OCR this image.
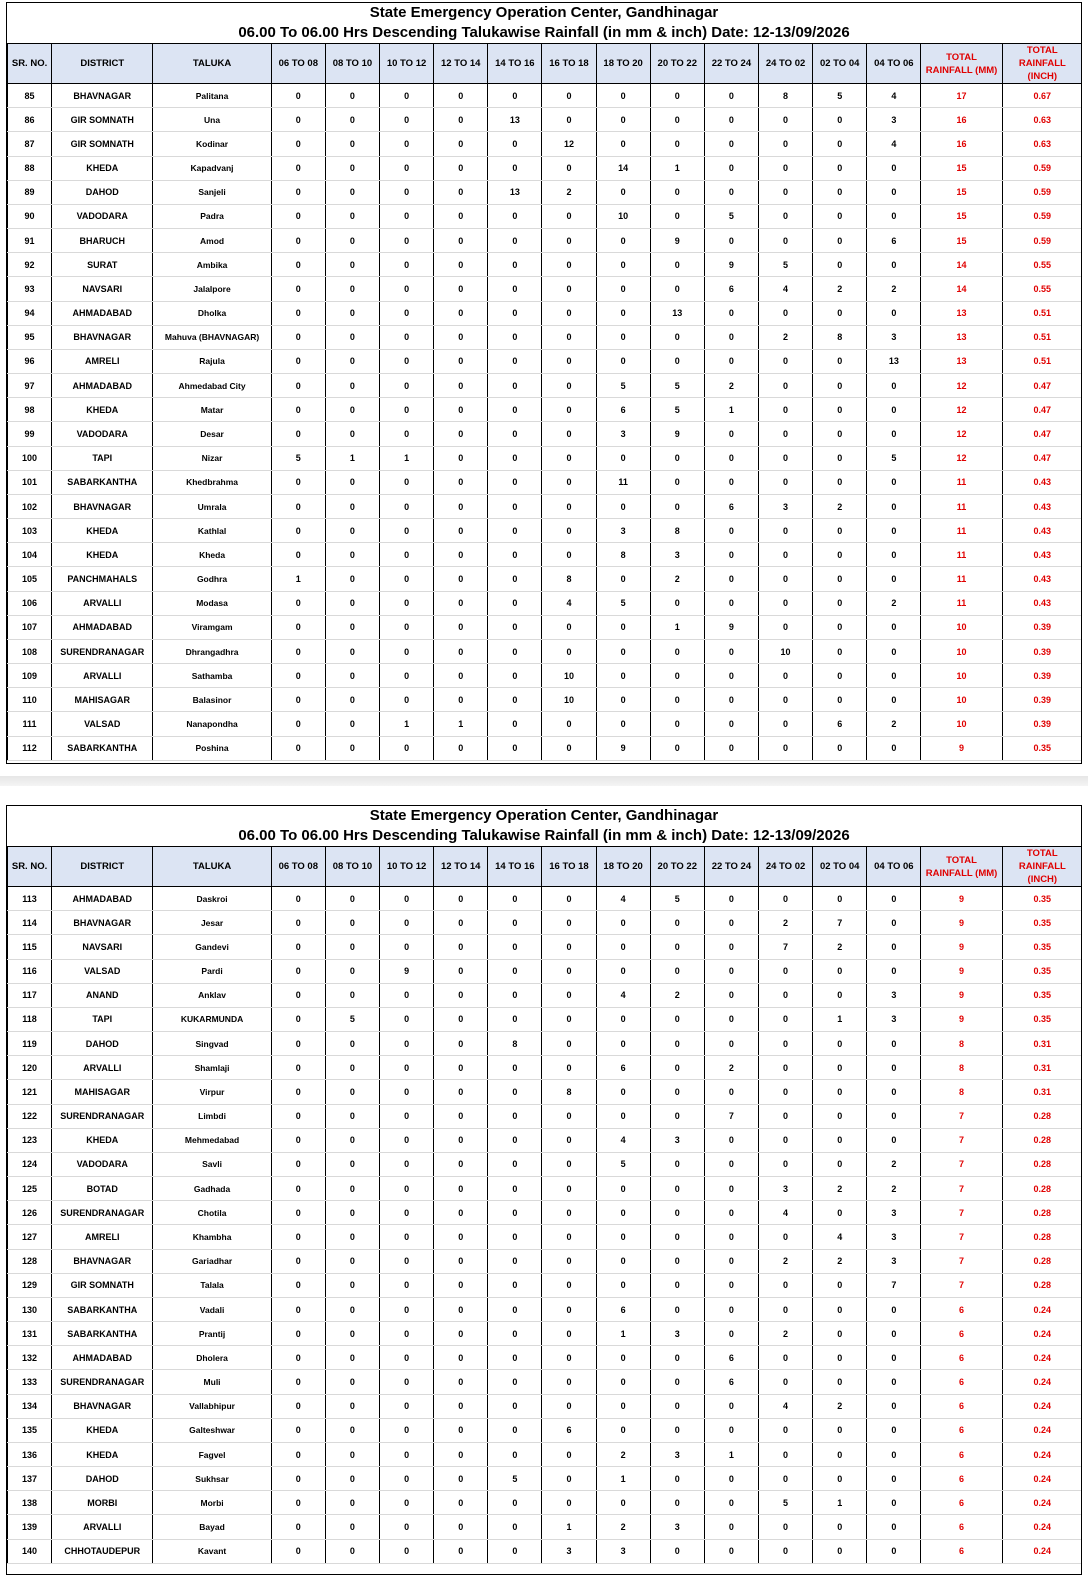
State Emergency Operation Center, Gandhinagar
06.00 To 06.00 Hrs Descending Talukawise Rainfall (in mm & inch) Date: 12-13/09/2026
SR. NO.	DISTRICT	TALUKA	06 TO 08	08 TO 10	10 TO 12	12 TO 14	14 TO 16	16 TO 18	18 TO 20	20 TO 22	22 TO 24	24 TO 02	02 TO 04	04 TO 06	TOTAL RAINFALL (MM)	TOTAL RAINFALL (INCH)
85	BHAVNAGAR	Palitana	0	0	0	0	0	0	0	0	0	8	5	4	17	0.67
86	GIR SOMNATH	Una	0	0	0	0	13	0	0	0	0	0	0	3	16	0.63
87	GIR SOMNATH	Kodinar	0	0	0	0	0	12	0	0	0	0	0	4	16	0.63
88	KHEDA	Kapadvanj	0	0	0	0	0	0	14	1	0	0	0	0	15	0.59
89	DAHOD	Sanjeli	0	0	0	0	13	2	0	0	0	0	0	0	15	0.59
90	VADODARA	Padra	0	0	0	0	0	0	10	0	5	0	0	0	15	0.59
91	BHARUCH	Amod	0	0	0	0	0	0	0	9	0	0	0	6	15	0.59
92	SURAT	Ambika	0	0	0	0	0	0	0	0	9	5	0	0	14	0.55
93	NAVSARI	Jalalpore	0	0	0	0	0	0	0	0	6	4	2	2	14	0.55
94	AHMADABAD	Dholka	0	0	0	0	0	0	0	13	0	0	0	0	13	0.51
95	BHAVNAGAR	Mahuva (BHAVNAGAR)	0	0	0	0	0	0	0	0	0	2	8	3	13	0.51
96	AMRELI	Rajula	0	0	0	0	0	0	0	0	0	0	0	13	13	0.51
97	AHMADABAD	Ahmedabad City	0	0	0	0	0	0	5	5	2	0	0	0	12	0.47
98	KHEDA	Matar	0	0	0	0	0	0	6	5	1	0	0	0	12	0.47
99	VADODARA	Desar	0	0	0	0	0	0	3	9	0	0	0	0	12	0.47
100	TAPI	Nizar	5	1	1	0	0	0	0	0	0	0	0	5	12	0.47
101	SABARKANTHA	Khedbrahma	0	0	0	0	0	0	11	0	0	0	0	0	11	0.43
102	BHAVNAGAR	Umrala	0	0	0	0	0	0	0	0	6	3	2	0	11	0.43
103	KHEDA	Kathlal	0	0	0	0	0	0	3	8	0	0	0	0	11	0.43
104	KHEDA	Kheda	0	0	0	0	0	0	8	3	0	0	0	0	11	0.43
105	PANCHMAHALS	Godhra	1	0	0	0	0	8	0	2	0	0	0	0	11	0.43
106	ARVALLI	Modasa	0	0	0	0	0	4	5	0	0	0	0	2	11	0.43
107	AHMADABAD	Viramgam	0	0	0	0	0	0	0	1	9	0	0	0	10	0.39
108	SURENDRANAGAR	Dhrangadhra	0	0	0	0	0	0	0	0	0	10	0	0	10	0.39
109	ARVALLI	Sathamba	0	0	0	0	0	10	0	0	0	0	0	0	10	0.39
110	MAHISAGAR	Balasinor	0	0	0	0	0	10	0	0	0	0	0	0	10	0.39
111	VALSAD	Nanapondha	0	0	1	1	0	0	0	0	0	0	6	2	10	0.39
112	SABARKANTHA	Poshina	0	0	0	0	0	0	9	0	0	0	0	0	9	0.35
State Emergency Operation Center, Gandhinagar
06.00 To 06.00 Hrs Descending Talukawise Rainfall (in mm & inch) Date: 12-13/09/2026
SR. NO.	DISTRICT	TALUKA	06 TO 08	08 TO 10	10 TO 12	12 TO 14	14 TO 16	16 TO 18	18 TO 20	20 TO 22	22 TO 24	24 TO 02	02 TO 04	04 TO 06	TOTAL RAINFALL (MM)	TOTAL RAINFALL (INCH)
113	AHMADABAD	Daskroi	0	0	0	0	0	0	4	5	0	0	0	0	9	0.35
114	BHAVNAGAR	Jesar	0	0	0	0	0	0	0	0	0	2	7	0	9	0.35
115	NAVSARI	Gandevi	0	0	0	0	0	0	0	0	0	7	2	0	9	0.35
116	VALSAD	Pardi	0	0	9	0	0	0	0	0	0	0	0	0	9	0.35
117	ANAND	Anklav	0	0	0	0	0	0	4	2	0	0	0	3	9	0.35
118	TAPI	KUKARMUNDA	0	5	0	0	0	0	0	0	0	0	1	3	9	0.35
119	DAHOD	Singvad	0	0	0	0	8	0	0	0	0	0	0	0	8	0.31
120	ARVALLI	Shamlaji	0	0	0	0	0	0	6	0	2	0	0	0	8	0.31
121	MAHISAGAR	Virpur	0	0	0	0	0	8	0	0	0	0	0	0	8	0.31
122	SURENDRANAGAR	Limbdi	0	0	0	0	0	0	0	0	7	0	0	0	7	0.28
123	KHEDA	Mehmedabad	0	0	0	0	0	0	4	3	0	0	0	0	7	0.28
124	VADODARA	Savli	0	0	0	0	0	0	5	0	0	0	0	2	7	0.28
125	BOTAD	Gadhada	0	0	0	0	0	0	0	0	0	3	2	2	7	0.28
126	SURENDRANAGAR	Chotila	0	0	0	0	0	0	0	0	0	4	0	3	7	0.28
127	AMRELI	Khambha	0	0	0	0	0	0	0	0	0	0	4	3	7	0.28
128	BHAVNAGAR	Gariadhar	0	0	0	0	0	0	0	0	0	2	2	3	7	0.28
129	GIR SOMNATH	Talala	0	0	0	0	0	0	0	0	0	0	0	7	7	0.28
130	SABARKANTHA	Vadali	0	0	0	0	0	0	6	0	0	0	0	0	6	0.24
131	SABARKANTHA	Prantij	0	0	0	0	0	0	1	3	0	2	0	0	6	0.24
132	AHMADABAD	Dholera	0	0	0	0	0	0	0	0	6	0	0	0	6	0.24
133	SURENDRANAGAR	Muli	0	0	0	0	0	0	0	0	6	0	0	0	6	0.24
134	BHAVNAGAR	Vallabhipur	0	0	0	0	0	0	0	0	0	4	2	0	6	0.24
135	KHEDA	Galteshwar	0	0	0	0	0	6	0	0	0	0	0	0	6	0.24
136	KHEDA	Fagvel	0	0	0	0	0	0	2	3	1	0	0	0	6	0.24
137	DAHOD	Sukhsar	0	0	0	0	5	0	1	0	0	0	0	0	6	0.24
138	MORBI	Morbi	0	0	0	0	0	0	0	0	0	5	1	0	6	0.24
139	ARVALLI	Bayad	0	0	0	0	0	1	2	3	0	0	0	0	6	0.24
140	CHHOTAUDEPUR	Kavant	0	0	0	0	0	3	3	0	0	0	0	0	6	0.24
